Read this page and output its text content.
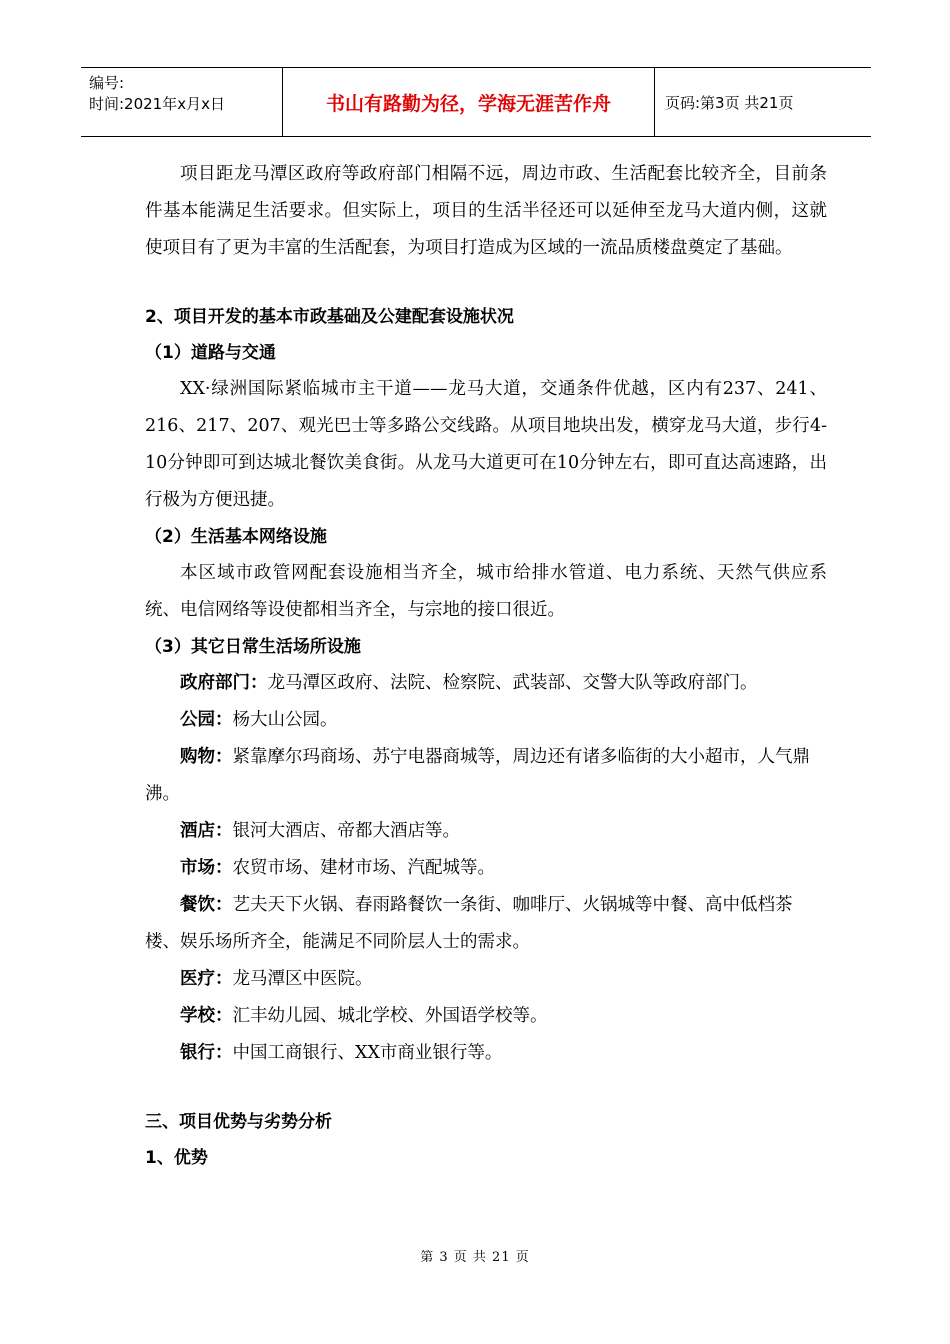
编号:
时间:2021年x月x日	书山有路勤为径，学海无涯苦作舟	页码:第3页 共21页

项目距龙马潭区政府等政府部门相隔不远，周边市政、生活配套比较齐全，目前条件基本能满足生活要求。但实际上，项目的生活半径还可以延伸至龙马大道内侧，这就使项目有了更为丰富的生活配套，为项目打造成为区域的一流品质楼盘奠定了基础。

2、项目开发的基本市政基础及公建配套设施状况
（1）道路与交通

XX·绿洲国际紧临城市主干道——龙马大道，交通条件优越，区内有237、241、216、217、207、观光巴士等多路公交线路。从项目地块出发，横穿龙马大道，步行4-10分钟即可到达城北餐饮美食街。从龙马大道更可在10分钟左右，即可直达高速路，出行极为方便迅捷。

（2）生活基本网络设施

本区域市政管网配套设施相当齐全，城市给排水管道、电力系统、天然气供应系统、电信网络等设使都相当齐全，与宗地的接口很近。

（3）其它日常生活场所设施

政府部门：龙马潭区政府、法院、检察院、武装部、交警大队等政府部门。

公园：杨大山公园。

购物：紧靠摩尔玛商场、苏宁电器商城等，周边还有诸多临街的大小超市，人气鼎沸。

酒店：银河大酒店、帝都大酒店等。

市场：农贸市场、建材市场、汽配城等。

餐饮：艺夫天下火锅、春雨路餐饮一条街、咖啡厅、火锅城等中餐、高中低档茶楼、娱乐场所齐全，能满足不同阶层人士的需求。

医疗：龙马潭区中医院。

学校：汇丰幼儿园、城北学校、外国语学校等。

银行：中国工商银行、XX市商业银行等。

三、项目优势与劣势分析
1、优势
第 3 页 共 21 页
